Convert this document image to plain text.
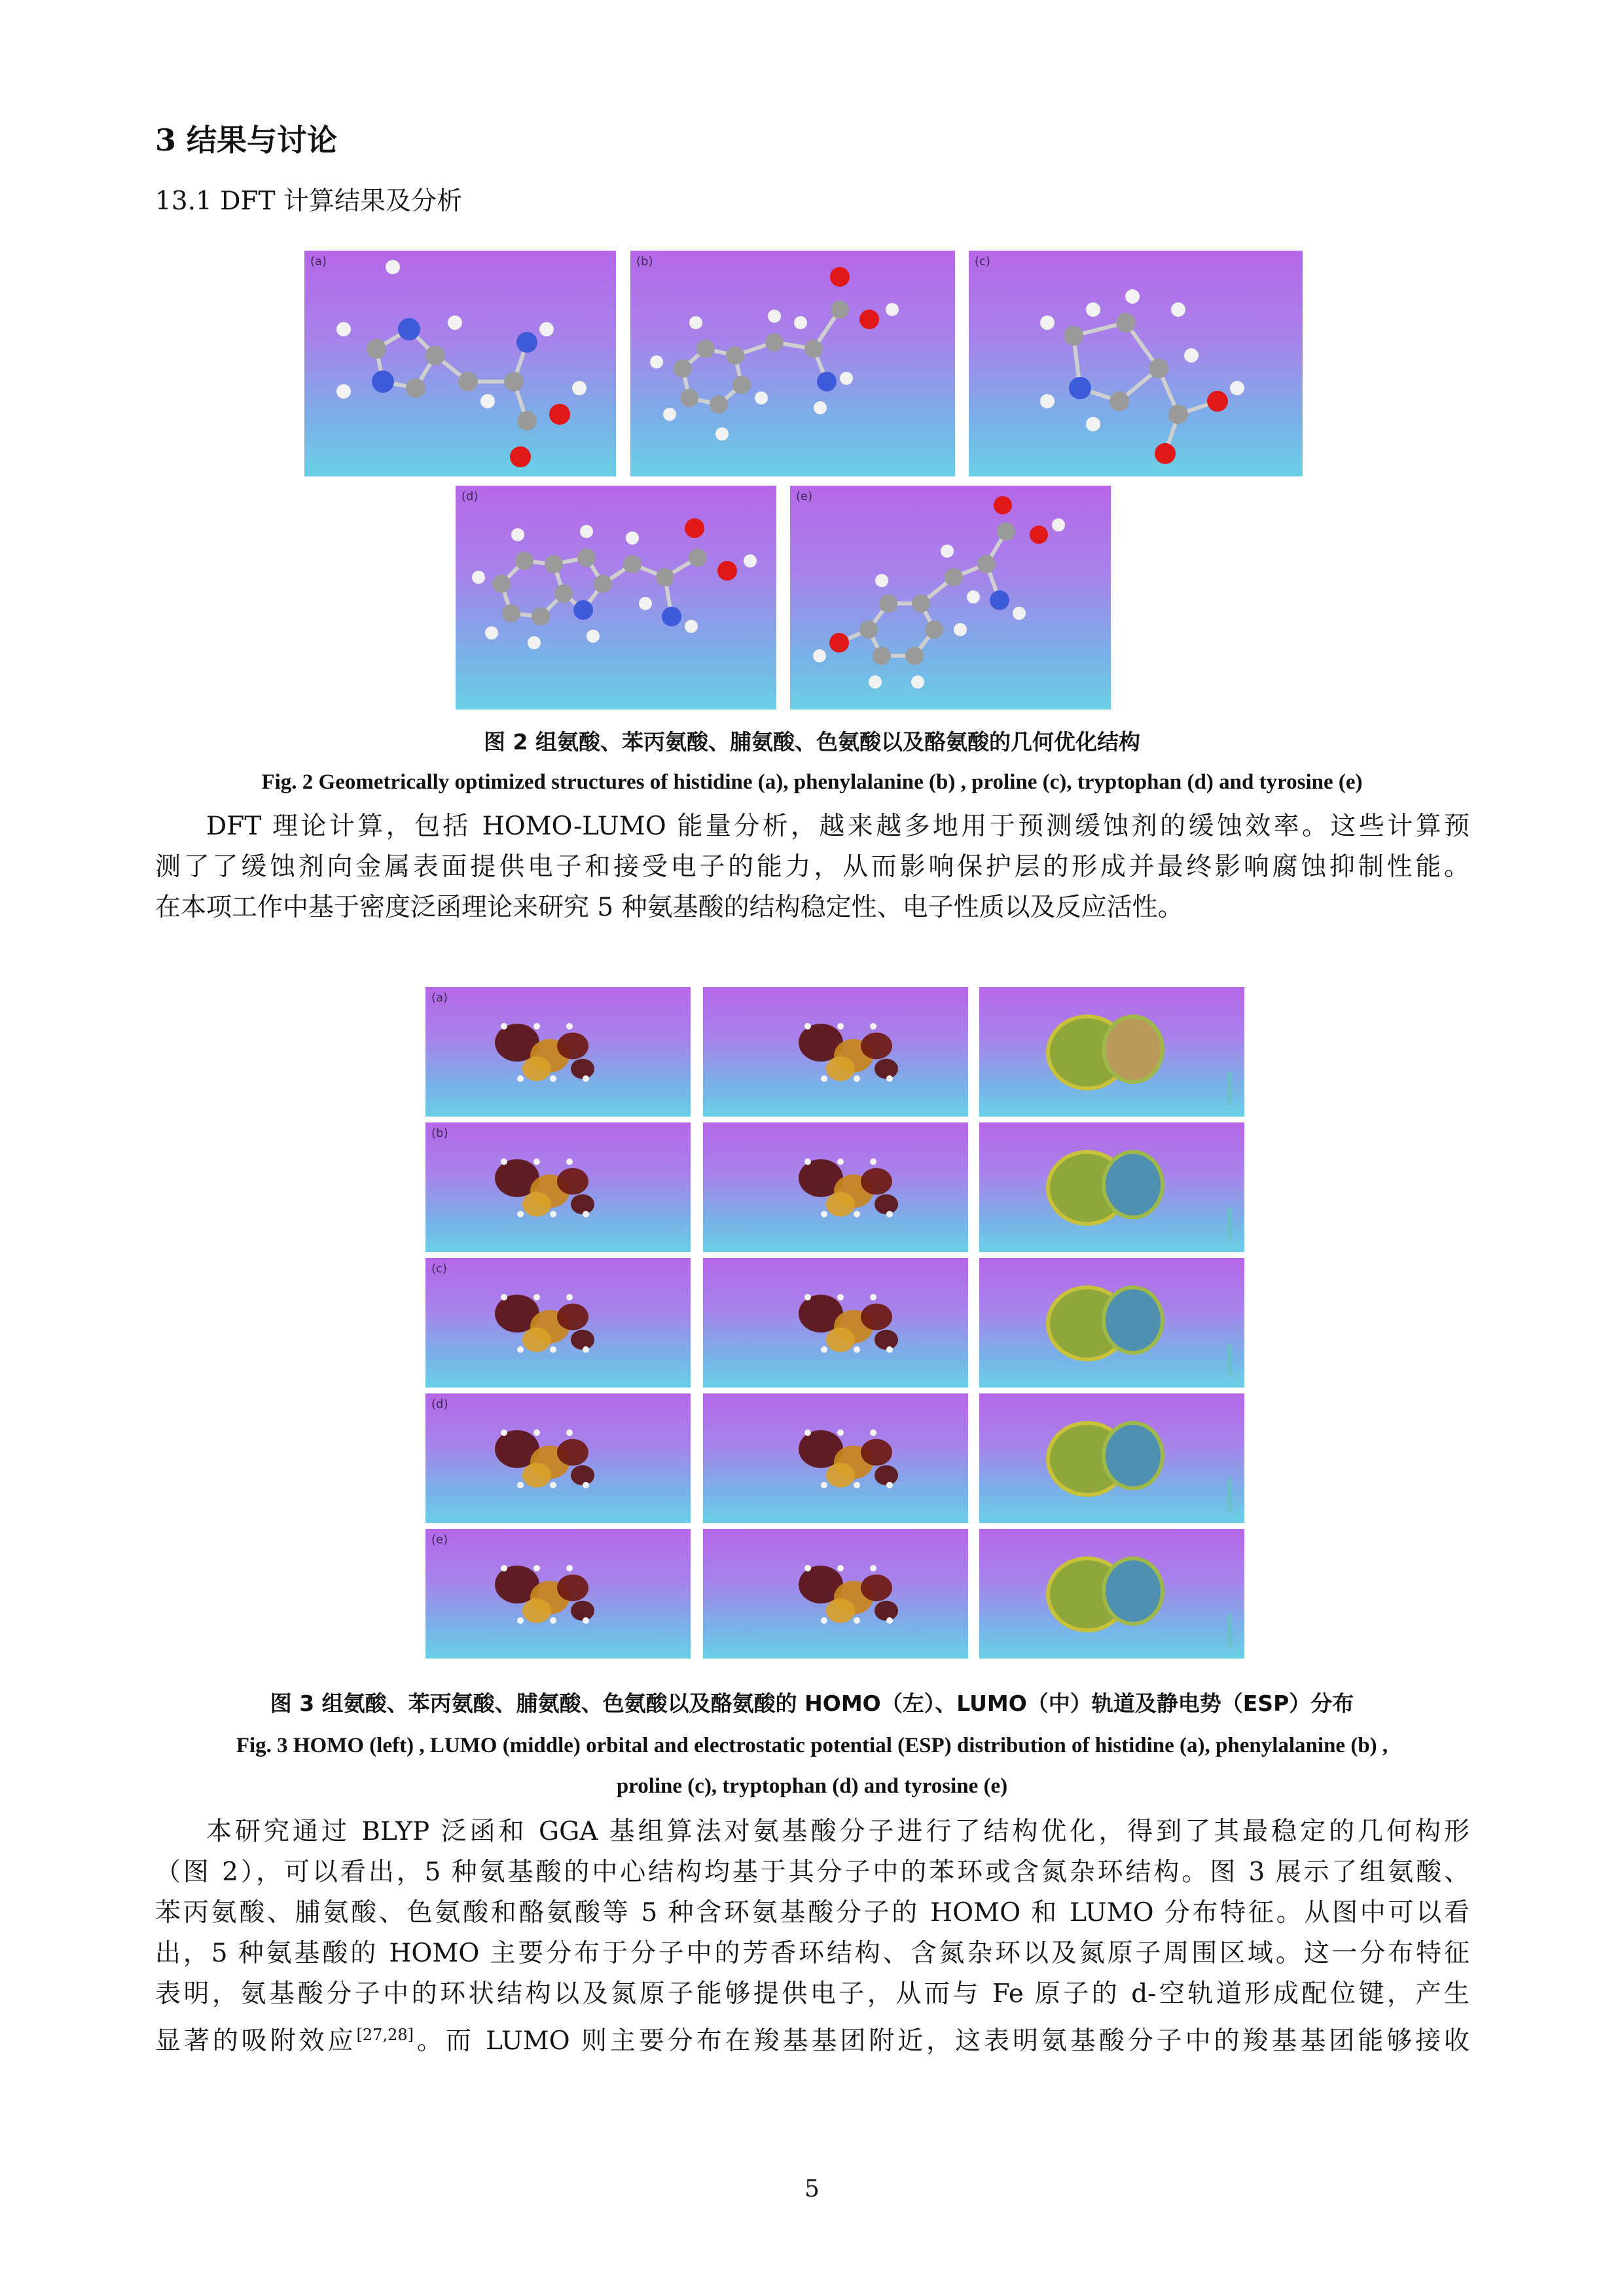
3 结果与讨论
13.1 DFT 计算结果及分析
(a)	(b)	(c)
(d)	(e)
图 2 组氨酸、苯丙氨酸、脯氨酸、色氨酸以及酪氨酸的几何优化结构
Fig. 2 Geometrically optimized structures of histidine (a), phenylalanine (b) , proline (c), tryptophan (d) and tyrosine (e)
DFT 理论计算，包括 HOMO-LUMO 能量分析，越来越多地用于预测缓蚀剂的缓蚀效率。这些计算预
测了了缓蚀剂向金属表面提供电子和接受电子的能力，从而影响保护层的形成并最终影响腐蚀抑制性能。
在本项工作中基于密度泛函理论来研究 5 种氨基酸的结构稳定性、电子性质以及反应活性。
(a)
(b)
(c)
(d)
(e)
图 3 组氨酸、苯丙氨酸、脯氨酸、色氨酸以及酪氨酸的 HOMO（左）、LUMO（中）轨道及静电势（ESP）分布
Fig. 3 HOMO (left) , LUMO (middle) orbital and electrostatic potential (ESP) distribution of histidine (a), phenylalanine (b) ,
proline (c), tryptophan (d) and tyrosine (e)
本研究通过 BLYP 泛函和 GGA 基组算法对氨基酸分子进行了结构优化，得到了其最稳定的几何构形
（图 2），可以看出，5 种氨基酸的中心结构均基于其分子中的苯环或含氮杂环结构。图 3 展示了组氨酸、
苯丙氨酸、脯氨酸、色氨酸和酪氨酸等 5 种含环氨基酸分子的 HOMO 和 LUMO 分布特征。从图中可以看
出，5 种氨基酸的 HOMO 主要分布于分子中的芳香环结构、含氮杂环以及氮原子周围区域。这一分布特征
表明，氨基酸分子中的环状结构以及氮原子能够提供电子，从而与 Fe 原子的 d-空轨道形成配位键，产生
显著的吸附效应[27,28]。而 LUMO 则主要分布在羧基基团附近，这表明氨基酸分子中的羧基基团能够接收
5
